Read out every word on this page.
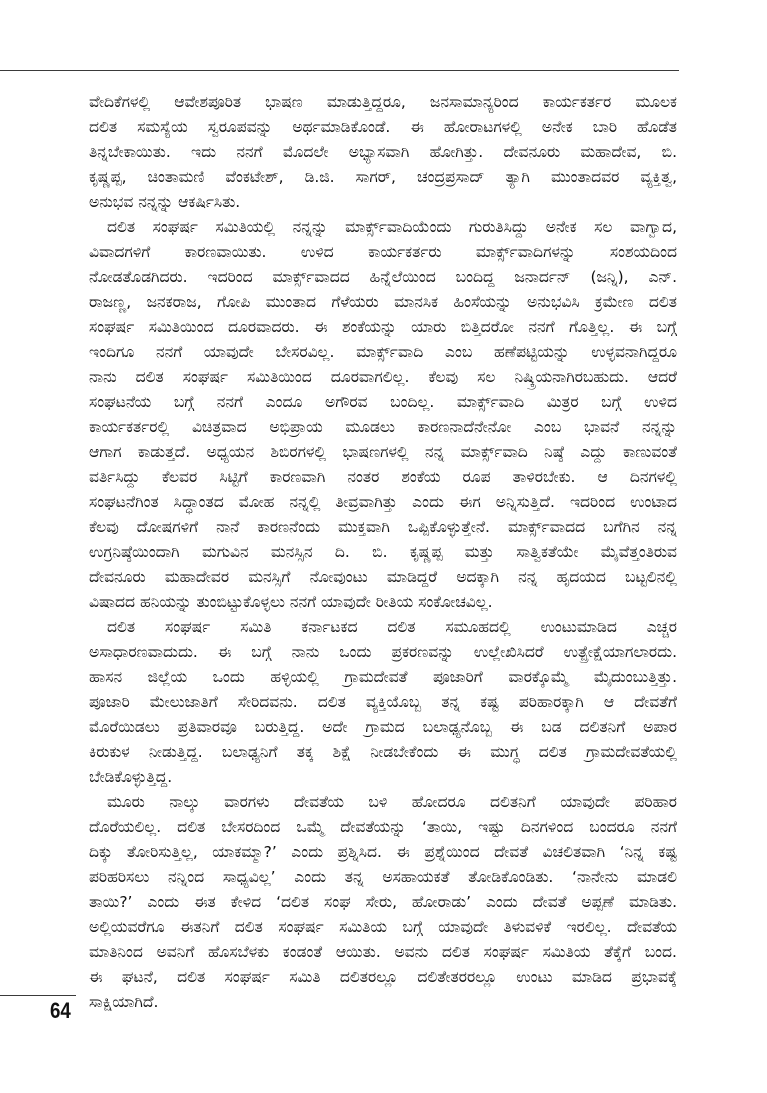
ವೇದಿಕೆಗಳಲ್ಲಿ ಆವೇಶಪೂರಿತ ಭಾಷಣ ಮಾಡುತ್ತಿದ್ದರೂ, ಜನಸಾಮಾನ್ಯರಿಂದ ಕಾರ್ಯಕರ್ತರ ಮೂಲಕ
ದಲಿತ ಸಮಸ್ಯೆಯ ಸ್ವರೂಪವನ್ನು ಅರ್ಥಮಾಡಿಕೊಂಡೆ. ಈ ಹೋರಾಟಗಳಲ್ಲಿ ಅನೇಕ ಬಾರಿ ಹೊಡೆತ
ತಿನ್ನಬೇಕಾಯಿತು. ಇದು ನನಗೆ ಮೊದಲೇ ಅಭ್ಯಾಸವಾಗಿ ಹೋಗಿತ್ತು. ದೇವನೂರು ಮಹಾದೇವ, ಬಿ.
ಕೃಷ್ಣಪ್ಪ, ಚಿಂತಾಮಣಿ ವೆಂಕಟೇಶ್, ಡಿ.ಜಿ. ಸಾಗರ್, ಚಂದ್ರಪ್ರಸಾದ್ ತ್ಯಾಗಿ ಮುಂತಾದವರ ವ್ಯಕ್ತಿತ್ವ,
ಅನುಭವ ನನ್ನನ್ನು ಆಕರ್ಷಿಸಿತು.
ದಲಿತ ಸಂಘರ್ಷ ಸಮಿತಿಯಲ್ಲಿ ನನ್ನನ್ನು ಮಾರ್ಕ್ಸ್‌ವಾದಿಯೆಂದು ಗುರುತಿಸಿದ್ದು ಅನೇಕ ಸಲ ವಾಗ್ವಾದ,
ವಿವಾದಗಳಿಗೆ ಕಾರಣವಾಯಿತು. ಉಳಿದ ಕಾರ್ಯಕರ್ತರು ಮಾರ್ಕ್ಸ್‌ವಾದಿಗಳನ್ನು ಸಂಶಯದಿಂದ
ನೋಡತೊಡಗಿದರು. ಇದರಿಂದ ಮಾರ್ಕ್ಸ್‌ವಾದದ ಹಿನ್ನೆಲೆಯಿಂದ ಬಂದಿದ್ದ ಜನಾರ್ದನ್ (ಜನ್ನಿ), ಎನ್.
ರಾಜಣ್ಣ, ಜನಕರಾಜ, ಗೋಪಿ ಮುಂತಾದ ಗೆಳೆಯರು ಮಾನಸಿಕ ಹಿಂಸೆಯನ್ನು ಅನುಭವಿಸಿ ಕ್ರಮೇಣ ದಲಿತ
ಸಂಘರ್ಷ ಸಮಿತಿಯಿಂದ ದೂರವಾದರು. ಈ ಶಂಕೆಯನ್ನು ಯಾರು ಬಿತ್ತಿದರೋ ನನಗೆ ಗೊತ್ತಿಲ್ಲ. ಈ ಬಗ್ಗೆ
ಇಂದಿಗೂ ನನಗೆ ಯಾವುದೇ ಬೇಸರವಿಲ್ಲ. ಮಾರ್ಕ್ಸ್‌ವಾದಿ ಎಂಬ ಹಣೆಪಟ್ಟಿಯನ್ನು ಉಳ್ಳವನಾಗಿದ್ದರೂ
ನಾನು ದಲಿತ ಸಂಘರ್ಷ ಸಮಿತಿಯಿಂದ ದೂರವಾಗಲಿಲ್ಲ. ಕೆಲವು ಸಲ ನಿಷ್ಕ್ರಿಯನಾಗಿರಬಹುದು. ಆದರೆ
ಸಂಘಟನೆಯ ಬಗ್ಗೆ ನನಗೆ ಎಂದೂ ಅಗೌರವ ಬಂದಿಲ್ಲ. ಮಾರ್ಕ್ಸ್‌ವಾದಿ ಮಿತ್ರರ ಬಗ್ಗೆ ಉಳಿದ
ಕಾರ್ಯಕರ್ತರಲ್ಲಿ ವಿಚಿತ್ರವಾದ ಅಭಿಪ್ರಾಯ ಮೂಡಲು ಕಾರಣನಾದೆನೇನೋ ಎಂಬ ಭಾವನೆ ನನ್ನನ್ನು
ಆಗಾಗ ಕಾಡುತ್ತದೆ. ಅಧ್ಯಯನ ಶಿಬಿರಗಳಲ್ಲಿ ಭಾಷಣಗಳಲ್ಲಿ ನನ್ನ ಮಾರ್ಕ್ಸ್‌ವಾದಿ ನಿಷ್ಠೆ ಎದ್ದು ಕಾಣುವಂತೆ
ವರ್ತಿಸಿದ್ದು ಕೆಲವರ ಸಿಟ್ಟಿಗೆ ಕಾರಣವಾಗಿ ನಂತರ ಶಂಕೆಯ ರೂಪ ತಾಳಿರಬೇಕು. ಆ ದಿನಗಳಲ್ಲಿ
ಸಂಘಟನೆಗಿಂತ ಸಿದ್ಧಾಂತದ ಮೋಹ ನನ್ನಲ್ಲಿ ತೀವ್ರವಾಗಿತ್ತು ಎಂದು ಈಗ ಅನ್ನಿಸುತ್ತಿದೆ. ಇದರಿಂದ ಉಂಟಾದ
ಕೆಲವು ದೋಷಗಳಿಗೆ ನಾನೆ ಕಾರಣನೆಂದು ಮುಕ್ತವಾಗಿ ಒಪ್ಪಿಕೊಳ್ಳುತ್ತೇನೆ. ಮಾರ್ಕ್ಸ್‌ವಾದದ ಬಗೆಗಿನ ನನ್ನ
ಉಗ್ರನಿಷ್ಠೆಯಿಂದಾಗಿ ಮಗುವಿನ ಮನಸ್ಸಿನ ದಿ. ಬಿ. ಕೃಷ್ಣಪ್ಪ ಮತ್ತು ಸಾತ್ವಿಕತೆಯೇ ಮೈವೆತ್ತಂತಿರುವ
ದೇವನೂರು ಮಹಾದೇವರ ಮನಸ್ಸಿಗೆ ನೋವುಂಟು ಮಾಡಿದ್ದರೆ ಅದಕ್ಕಾಗಿ ನನ್ನ ಹೃದಯದ ಬಟ್ಟಲಿನಲ್ಲಿ
ವಿಷಾದದ ಹನಿಯನ್ನು ತುಂಬಿಟ್ಟುಕೊಳ್ಳಲು ನನಗೆ ಯಾವುದೇ ರೀತಿಯ ಸಂಕೋಚವಿಲ್ಲ.
ದಲಿತ ಸಂಘರ್ಷ ಸಮಿತಿ ಕರ್ನಾಟಕದ ದಲಿತ ಸಮೂಹದಲ್ಲಿ ಉಂಟುಮಾಡಿದ ಎಚ್ಚರ
ಅಸಾಧಾರಣವಾದುದು. ಈ ಬಗ್ಗೆ ನಾನು ಒಂದು ಪ್ರಕರಣವನ್ನು ಉಲ್ಲೇಖಿಸಿದರೆ ಉತ್ಪ್ರೇಕ್ಷೆಯಾಗಲಾರದು.
ಹಾಸನ ಜಿಲ್ಲೆಯ ಒಂದು ಹಳ್ಳಿಯಲ್ಲಿ ಗ್ರಾಮದೇವತೆ ಪೂಜಾರಿಗೆ ವಾರಕ್ಕೊಮ್ಮೆ ಮೈದುಂಬುತ್ತಿತ್ತು.
ಪೂಜಾರಿ ಮೇಲುಜಾತಿಗೆ ಸೇರಿದವನು. ದಲಿತ ವ್ಯಕ್ತಿಯೊಬ್ಬ ತನ್ನ ಕಷ್ಟ ಪರಿಹಾರಕ್ಕಾಗಿ ಆ ದೇವತೆಗೆ
ಮೊರೆಯಿಡಲು ಪ್ರತಿವಾರವೂ ಬರುತ್ತಿದ್ದ. ಅದೇ ಗ್ರಾಮದ ಬಲಾಢ್ಯನೊಬ್ಬ ಈ ಬಡ ದಲಿತನಿಗೆ ಅಪಾರ
ಕಿರುಕುಳ ನೀಡುತ್ತಿದ್ದ. ಬಲಾಢ್ಯನಿಗೆ ತಕ್ಕ ಶಿಕ್ಷೆ ನೀಡಬೇಕೆಂದು ಈ ಮುಗ್ಧ ದಲಿತ ಗ್ರಾಮದೇವತೆಯಲ್ಲಿ
ಬೇಡಿಕೊಳ್ಳುತ್ತಿದ್ದ.
ಮೂರು ನಾಲ್ಕು ವಾರಗಳು ದೇವತೆಯ ಬಳಿ ಹೋದರೂ ದಲಿತನಿಗೆ ಯಾವುದೇ ಪರಿಹಾರ
ದೊರೆಯಲಿಲ್ಲ. ದಲಿತ ಬೇಸರದಿಂದ ಒಮ್ಮೆ ದೇವತೆಯನ್ನು ‘ತಾಯಿ, ಇಷ್ಟು ದಿನಗಳಿಂದ ಬಂದರೂ ನನಗೆ
ದಿಕ್ಕು ತೋರಿಸುತ್ತಿಲ್ಲ, ಯಾಕಮ್ಮಾ?’ ಎಂದು ಪ್ರಶ್ನಿಸಿದ. ಈ ಪ್ರಶ್ನೆಯಿಂದ ದೇವತೆ ವಿಚಲಿತವಾಗಿ ‘ನಿನ್ನ ಕಷ್ಟ
ಪರಿಹರಿಸಲು ನನ್ನಿಂದ ಸಾಧ್ಯವಿಲ್ಲ’ ಎಂದು ತನ್ನ ಅಸಹಾಯಕತೆ ತೋಡಿಕೊಂಡಿತು. ‘ನಾನೇನು ಮಾಡಲಿ
ತಾಯಿ?’ ಎಂದು ಈತ ಕೇಳಿದ ‘ದಲಿತ ಸಂಘ ಸೇರು, ಹೋರಾಡು’ ಎಂದು ದೇವತೆ ಅಪ್ಪಣೆ ಮಾಡಿತು.
ಅಲ್ಲಿಯವರೆಗೂ ಈತನಿಗೆ ದಲಿತ ಸಂಘರ್ಷ ಸಮಿತಿಯ ಬಗ್ಗೆ ಯಾವುದೇ ತಿಳುವಳಿಕೆ ಇರಲಿಲ್ಲ. ದೇವತೆಯ
ಮಾತಿನಿಂದ ಅವನಿಗೆ ಹೊಸಬೆಳಕು ಕಂಡಂತೆ ಆಯಿತು. ಅವನು ದಲಿತ ಸಂಘರ್ಷ ಸಮಿತಿಯ ತೆಕ್ಕೆಗೆ ಬಂದ.
ಈ ಘಟನೆ, ದಲಿತ ಸಂಘರ್ಷ ಸಮಿತಿ ದಲಿತರಲ್ಲೂ ದಲಿತೇತರರಲ್ಲೂ ಉಂಟು ಮಾಡಿದ ಪ್ರಭಾವಕ್ಕೆ
ಸಾಕ್ಷಿಯಾಗಿದೆ.
64
